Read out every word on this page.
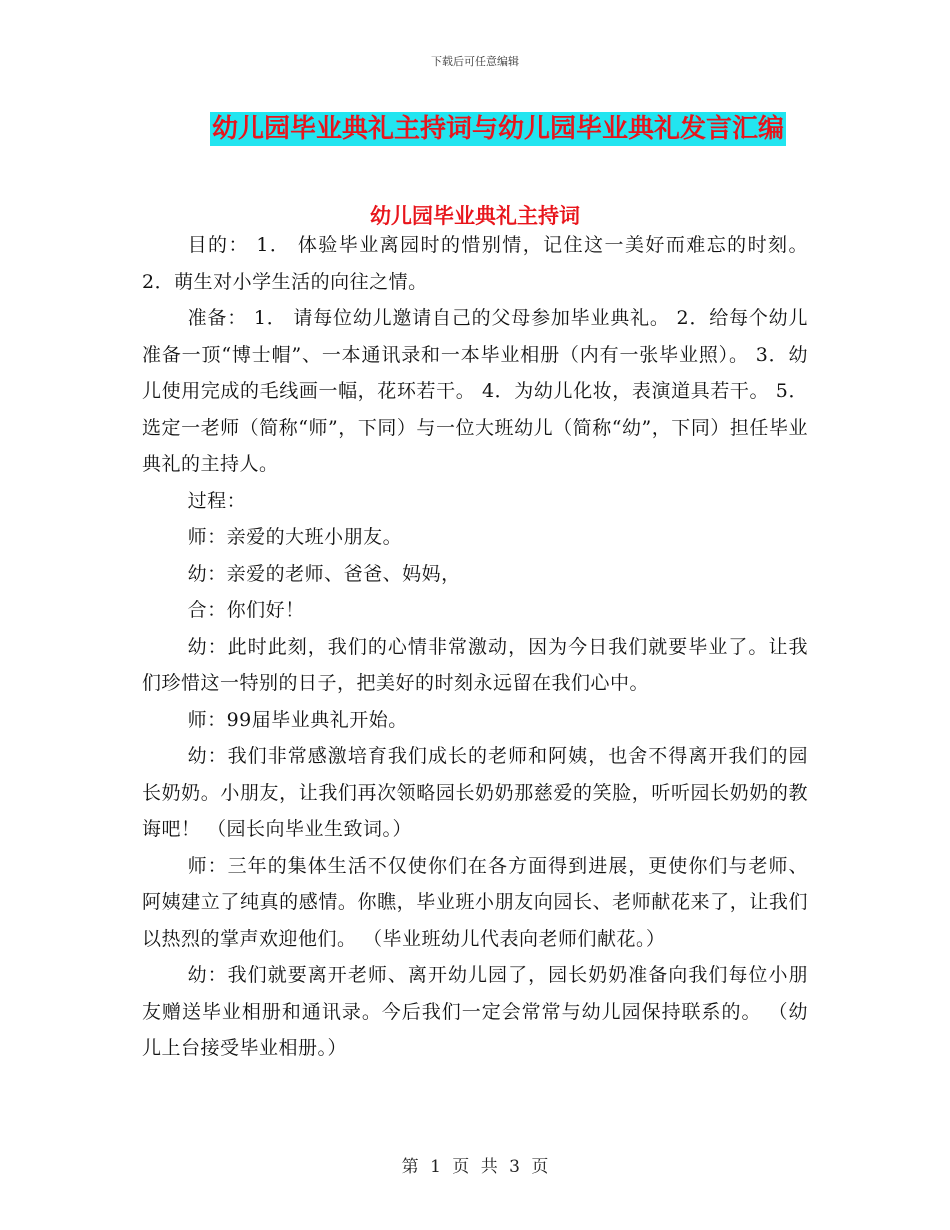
下载后可任意编辑
幼儿园毕业典礼主持词与幼儿园毕业典礼发言汇编
幼儿园毕业典礼主持词

目的： 1． 体验毕业离园时的惜别情，记住这一美好而难忘的时刻。 2．萌生对小学生活的向往之情。

准备： 1． 请每位幼儿邀请自己的父母参加毕业典礼。 2．给每个幼儿准备一顶“博士帽”、一本通讯录和一本毕业相册（内有一张毕业照）。 3．幼儿使用完成的毛线画一幅，花环若干。 4．为幼儿化妆，表演道具若干。 5．选定一老师（简称“师”，下同）与一位大班幼儿（简称“幼”，下同）担任毕业典礼的主持人。

过程：

师：亲爱的大班小朋友。

幼：亲爱的老师、爸爸、妈妈，

合：你们好！

幼：此时此刻，我们的心情非常激动，因为今日我们就要毕业了。让我们珍惜这一特别的日子，把美好的时刻永远留在我们心中。

师：99届毕业典礼开始。

幼：我们非常感激培育我们成长的老师和阿姨，也舍不得离开我们的园长奶奶。小朋友，让我们再次领略园长奶奶那慈爱的笑脸，听听园长奶奶的教诲吧！ （园长向毕业生致词。）

师：三年的集体生活不仅使你们在各方面得到进展，更使你们与老师、阿姨建立了纯真的感情。你瞧，毕业班小朋友向园长、老师献花来了，让我们以热烈的掌声欢迎他们。 （毕业班幼儿代表向老师们献花。）

幼：我们就要离开老师、离开幼儿园了，园长奶奶准备向我们每位小朋友赠送毕业相册和通讯录。今后我们一定会常常与幼儿园保持联系的。 （幼儿上台接受毕业相册。）

第 1 页 共 3 页
